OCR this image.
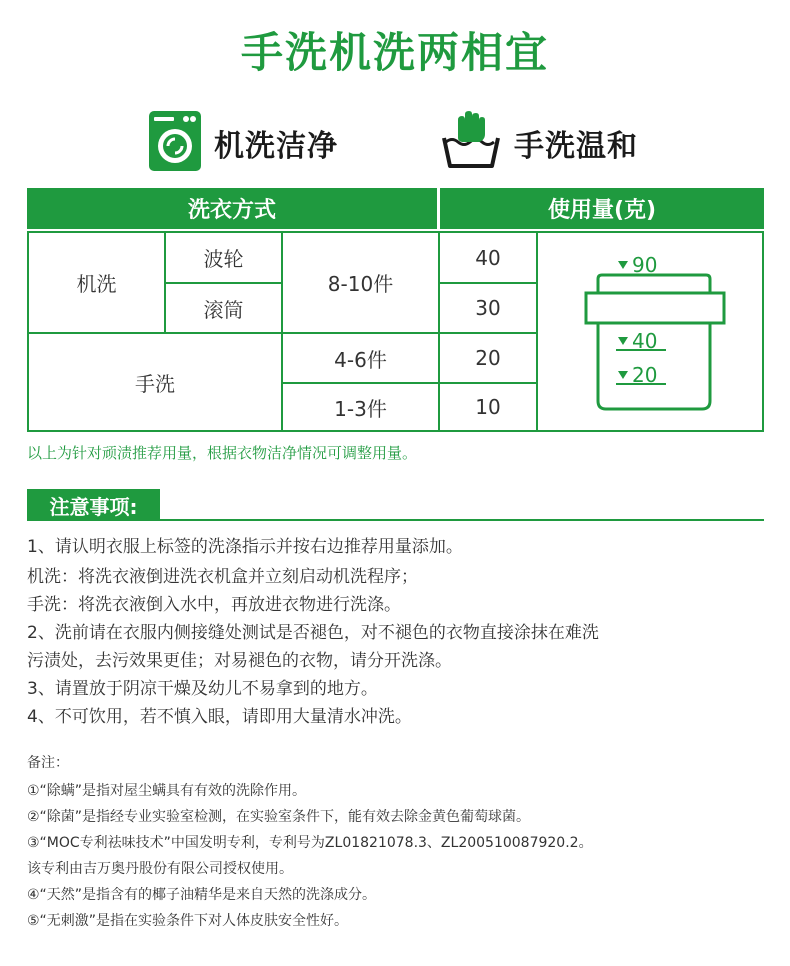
手洗机洗两相宜
机洗洁净	手洗温和
洗衣方式	使用量(克)
机洗
波轮
滚筒
8-10件
40
30
手洗
4-6件
1-3件
20
10
90
40
20
以上为针对顽渍推荐用量，根据衣物洁净情况可调整用量。
注意事项:
1、请认明衣服上标签的洗涤指示并按右边推荐用量添加。
机洗：将洗衣液倒进洗衣机盒并立刻启动机洗程序；
手洗：将洗衣液倒入水中，再放进衣物进行洗涤。
2、洗前请在衣服内侧接缝处测试是否褪色，对不褪色的衣物直接涂抹在难洗
污渍处，去污效果更佳；对易褪色的衣物，请分开洗涤。
3、请置放于阴凉干燥及幼儿不易拿到的地方。
4、不可饮用，若不慎入眼，请即用大量清水冲洗。
备注：
①“除螨”是指对屋尘螨具有有效的洗除作用。
②“除菌”是指经专业实验室检测，在实验室条件下，能有效去除金黄色葡萄球菌。
③“MOC专利祛味技术”中国发明专利，专利号为ZL01821078.3、ZL200510087920.2。
该专利由吉万奥丹股份有限公司授权使用。
④“天然”是指含有的椰子油精华是来自天然的洗涤成分。
⑤“无刺激”是指在实验条件下对人体皮肤安全性好。
